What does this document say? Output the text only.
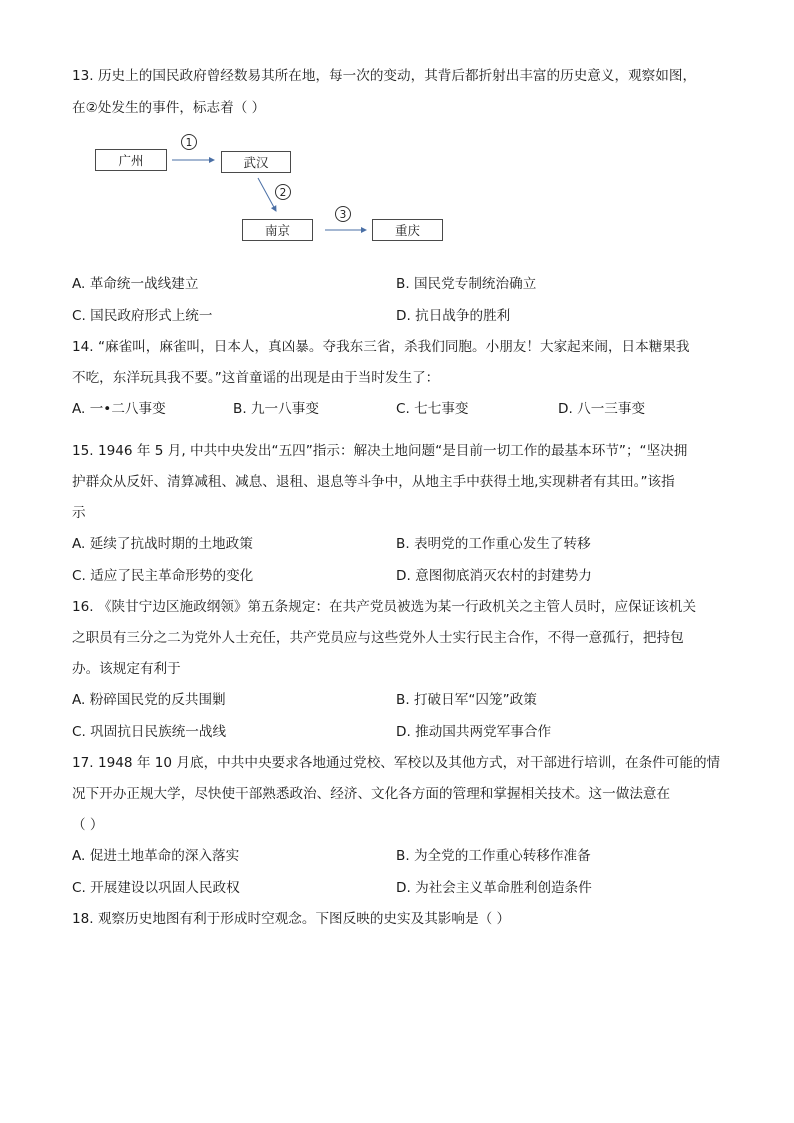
13. 历史上的国民政府曾经数易其所在地，每一次的变动，其背后都折射出丰富的历史意义，观察如图，
在②处发生的事件，标志着（ ）
广州	武汉
南京	重庆
1
2
3
A. 革命统一战线建立	B. 国民党专制统治确立
C. 国民政府形式上统一	D. 抗日战争的胜利
14. “麻雀叫，麻雀叫，日本人，真凶暴。夺我东三省，杀我们同胞。小朋友！大家起来闹，日本糖果我
不吃，东洋玩具我不要。”这首童谣的出现是由于当时发生了：
A. 一•二八事变	B. 九一八事变	C. 七七事变	D. 八一三事变
15. 1946 年 5 月, 中共中央发出“五四”指示：解决土地问题“是目前一切工作的最基本环节”；“坚决拥
护群众从反奸、清算减租、减息、退租、退息等斗争中，从地主手中获得土地,实现耕者有其田。”该指
示
A. 延续了抗战时期的土地政策	B. 表明党的工作重心发生了转移
C. 适应了民主革命形势的变化	D. 意图彻底消灭农村的封建势力
16. 《陕甘宁边区施政纲领》第五条规定：在共产党员被选为某一行政机关之主管人员时，应保证该机关
之职员有三分之二为党外人士充任，共产党员应与这些党外人士实行民主合作，不得一意孤行，把持包
办。该规定有利于
A. 粉碎国民党的反共围剿	B. 打破日军“囚笼”政策
C. 巩固抗日民族统一战线	D. 推动国共两党军事合作
17. 1948 年 10 月底，中共中央要求各地通过党校、军校以及其他方式，对干部进行培训，在条件可能的情
况下开办正规大学，尽快使干部熟悉政治、经济、文化各方面的管理和掌握相关技术。这一做法意在
（ ）
A. 促进土地革命的深入落实	B. 为全党的工作重心转移作准备
C. 开展建设以巩固人民政权	D. 为社会主义革命胜利创造条件
18. 观察历史地图有利于形成时空观念。下图反映的史实及其影响是（ ）
